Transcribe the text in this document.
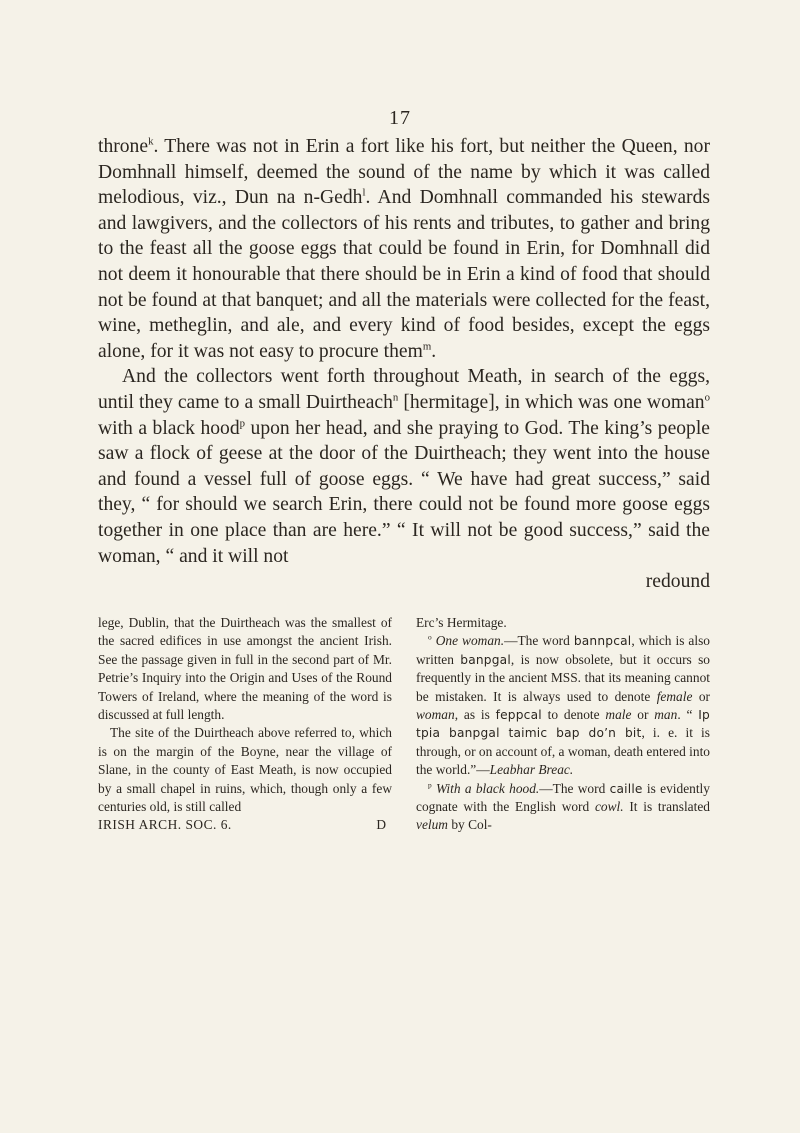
17

throne$^k$. There was not in Erin a fort like his fort, but neither the Queen, nor Domhnall himself, deemed the sound of the name by which it was called melodious, viz., Dun na n-Gedh$^l$. And Domhnall commanded his stewards and lawgivers, and the collectors of his rents and tributes, to gather and bring to the feast all the goose eggs that could be found in Erin, for Domhnall did not deem it honourable that there should be in Erin a kind of food that should not be found at that banquet; and all the materials were collected for the feast, wine, metheglin, and ale, and every kind of food besides, except the eggs alone, for it was not easy to procure them$^m$.

And the collectors went forth throughout Meath, in search of the eggs, until they came to a small Duirtheach$^n$ [hermitage], in which was one woman$^o$ with a black hood$^p$ upon her head, and she praying to God. The king’s people saw a flock of geese at the door of the Duirtheach; they went into the house and found a vessel full of goose eggs. “ We have had great success,” said they, “ for should we search Erin, there could not be found more goose eggs together in one place than are here.” “ It will not be good success,” said the woman, “ and it will not

redound

lege, Dublin, that the Duirtheach was the smallest of the sacred edifices in use amongst the ancient Irish. See the passage given in full in the second part of Mr. Petrie’s Inquiry into the Origin and Uses of the Round Towers of Ireland, where the meaning of the word is discussed at full length.

The site of the Duirtheach above referred to, which is on the margin of the Boyne, near the village of Slane, in the county of East Meath, is now occupied by a small chapel in ruins, which, though only a few centuries old, is still called

IRISH ARCH. SOC. 6.	D

Erc’s Hermitage.

$^o$ One woman.—The word bannpcal, which is also written banpgal, is now obsolete, but it occurs so frequently in the ancient MSS. that its meaning cannot be mistaken. It is always used to denote female or woman, as is feppcal to denote male or man. “ Ip tpia banpgal taimic bap do’n bit, i. e. it is through, or on account of, a woman, death entered into the world.”—Leabhar Breac.

$^p$ With a black hood.—The word caille is evidently cognate with the English word cowl. It is translated velum by Col-
